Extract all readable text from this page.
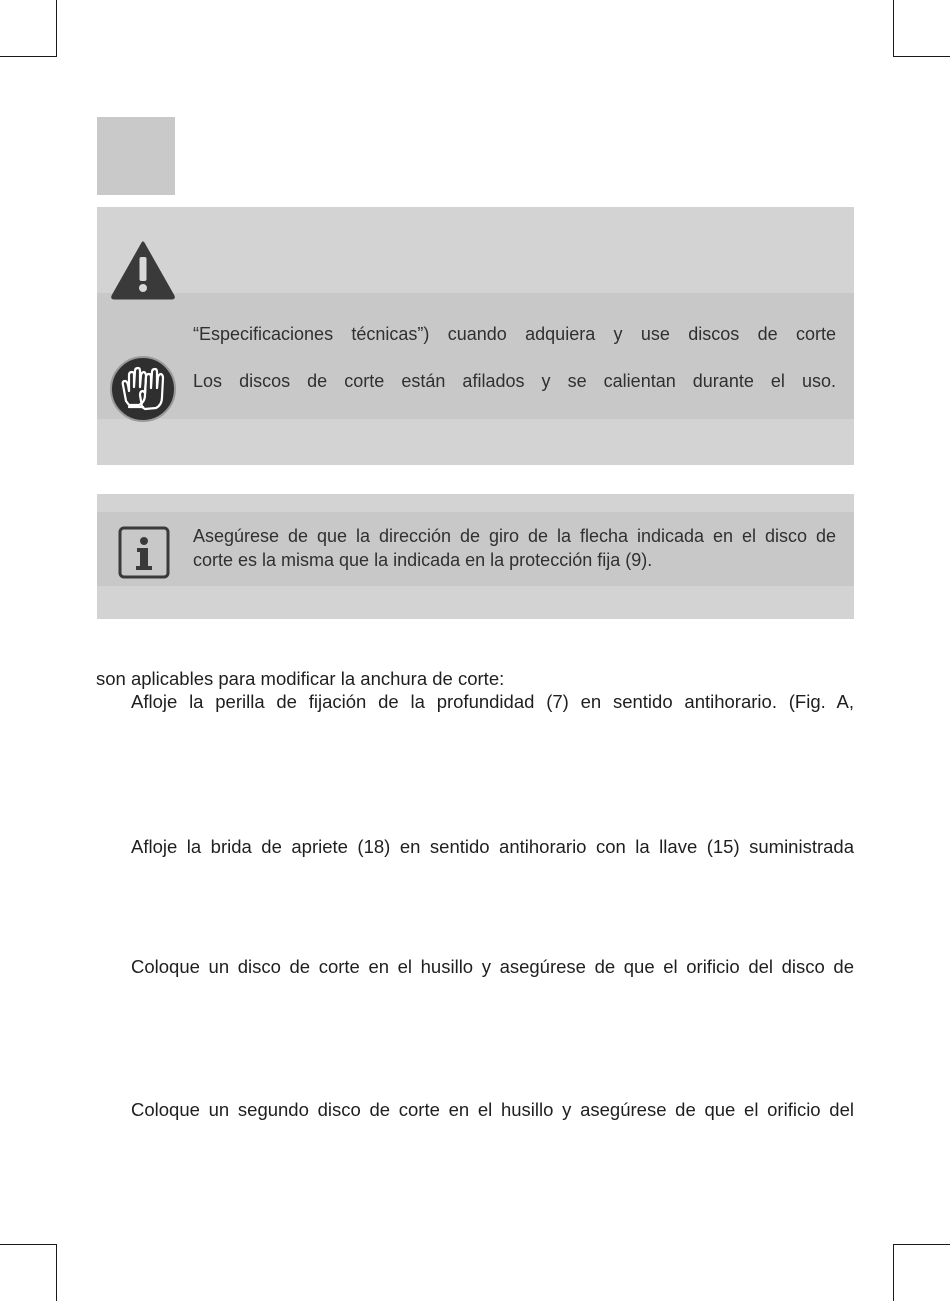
“Especificaciones técnicas”) cuando adquiera y use discos de corte
Los discos de corte están afilados y se calientan durante el uso.
Asegúrese de que la dirección de giro de la flecha indicada en el disco de
corte es la misma que la indicada en la protección fija (9).
son aplicables para modificar la anchura de corte:
Afloje la perilla de fijación de la profundidad (7) en sentido antihorario. (Fig. A,
Afloje la brida de apriete (18) en sentido antihorario con la llave (15) suministrada
Coloque un disco de corte en el husillo y asegúrese de que el orificio del disco de
Coloque un segundo disco de corte en el husillo y asegúrese de que el orificio del
